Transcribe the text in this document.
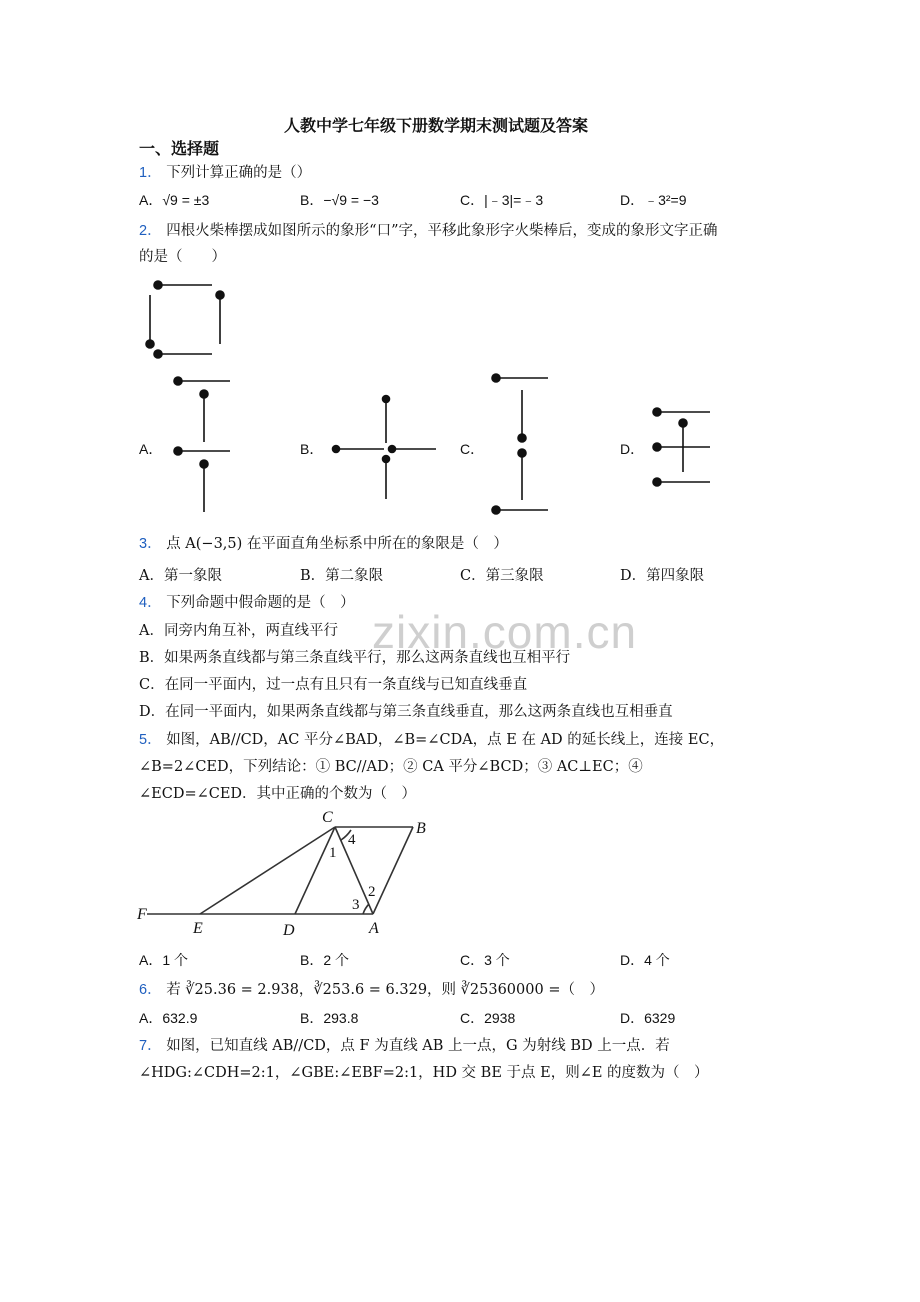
人教中学七年级下册数学期末测试题及答案
一、选择题
zixin.com.cn
1． 下列计算正确的是（）
A．√9 = ±3	B．−√9 = −3	C．|﹣3|=﹣3	D．﹣3²=9
2． 四根火柴棒摆成如图所示的象形“口”字，平移此象形字火柴棒后，变成的象形文字正确
的是（　　）
A．	B．	C．	D．
3． 点 A(−3,5) 在平面直角坐标系中所在的象限是（　）
A．第一象限	B．第二象限	C．第三象限	D．第四象限
4． 下列命题中假命题的是（　）
A．同旁内角互补，两直线平行
B．如果两条直线都与第三条直线平行，那么这两条直线也互相平行
C．在同一平面内，过一点有且只有一条直线与已知直线垂直
D．在同一平面内，如果两条直线都与第三条直线垂直，那么这两条直线也互相垂直
5． 如图，AB//CD，AC 平分∠BAD，∠B=∠CDA，点 E 在 AD 的延长线上，连接 EC，
∠B=2∠CED，下列结论：① BC//AD；② CA 平分∠BCD；③ AC⊥EC；④
∠ECD=∠CED．其中正确的个数为（　）
C
B
F
E	D	A
1
4
2
3
A．1 个	B．2 个	C．3 个	D．4 个
6． 若 ∛25.36 = 2.938，∛253.6 = 6.329，则 ∛25360000 =（　）
A．632.9	B．293.8	C．2938	D．6329
7． 如图，已知直线 AB//CD，点 F 为直线 AB 上一点，G 为射线 BD 上一点．若
∠HDG:∠CDH=2:1，∠GBE:∠EBF=2:1，HD 交 BE 于点 E，则∠E 的度数为（　）
